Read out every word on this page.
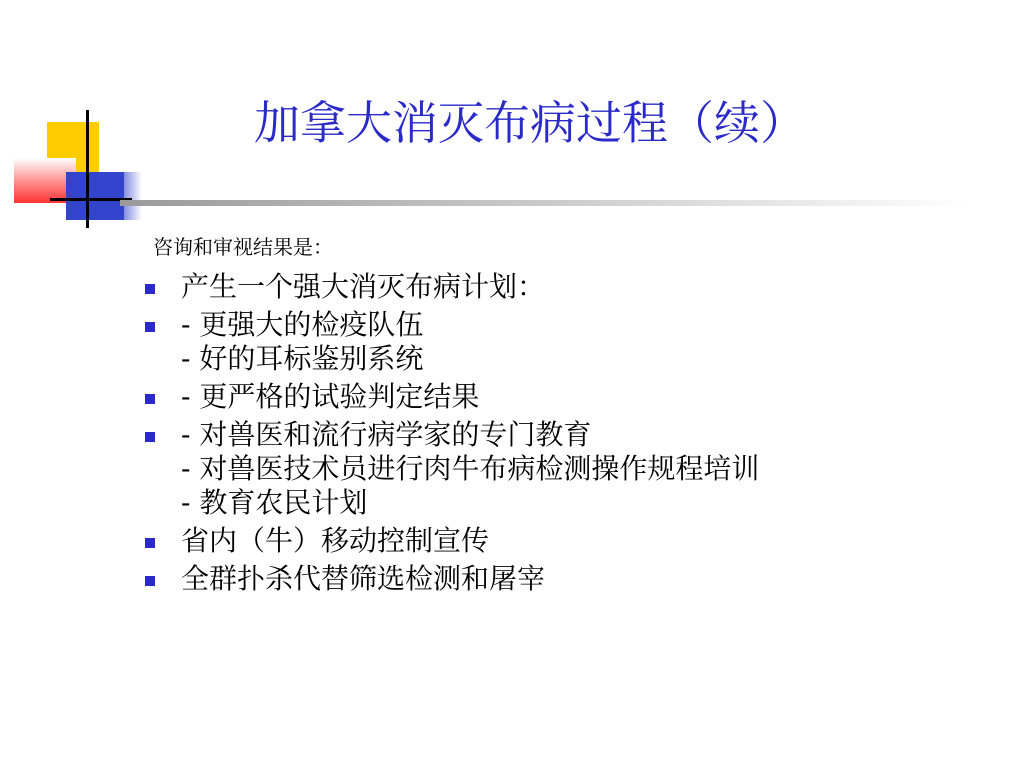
加拿大消灭布病过程（续）

咨询和审视结果是：

产生一个强大消灭布病计划：
- 更强大的检疫队伍
- 好的耳标鉴别系统
- 更严格的试验判定结果
- 对兽医和流行病学家的专门教育
- 对兽医技术员进行肉牛布病检测操作规程培训
- 教育农民计划
省内（牛）移动控制宣传
全群扑杀代替筛选检测和屠宰
